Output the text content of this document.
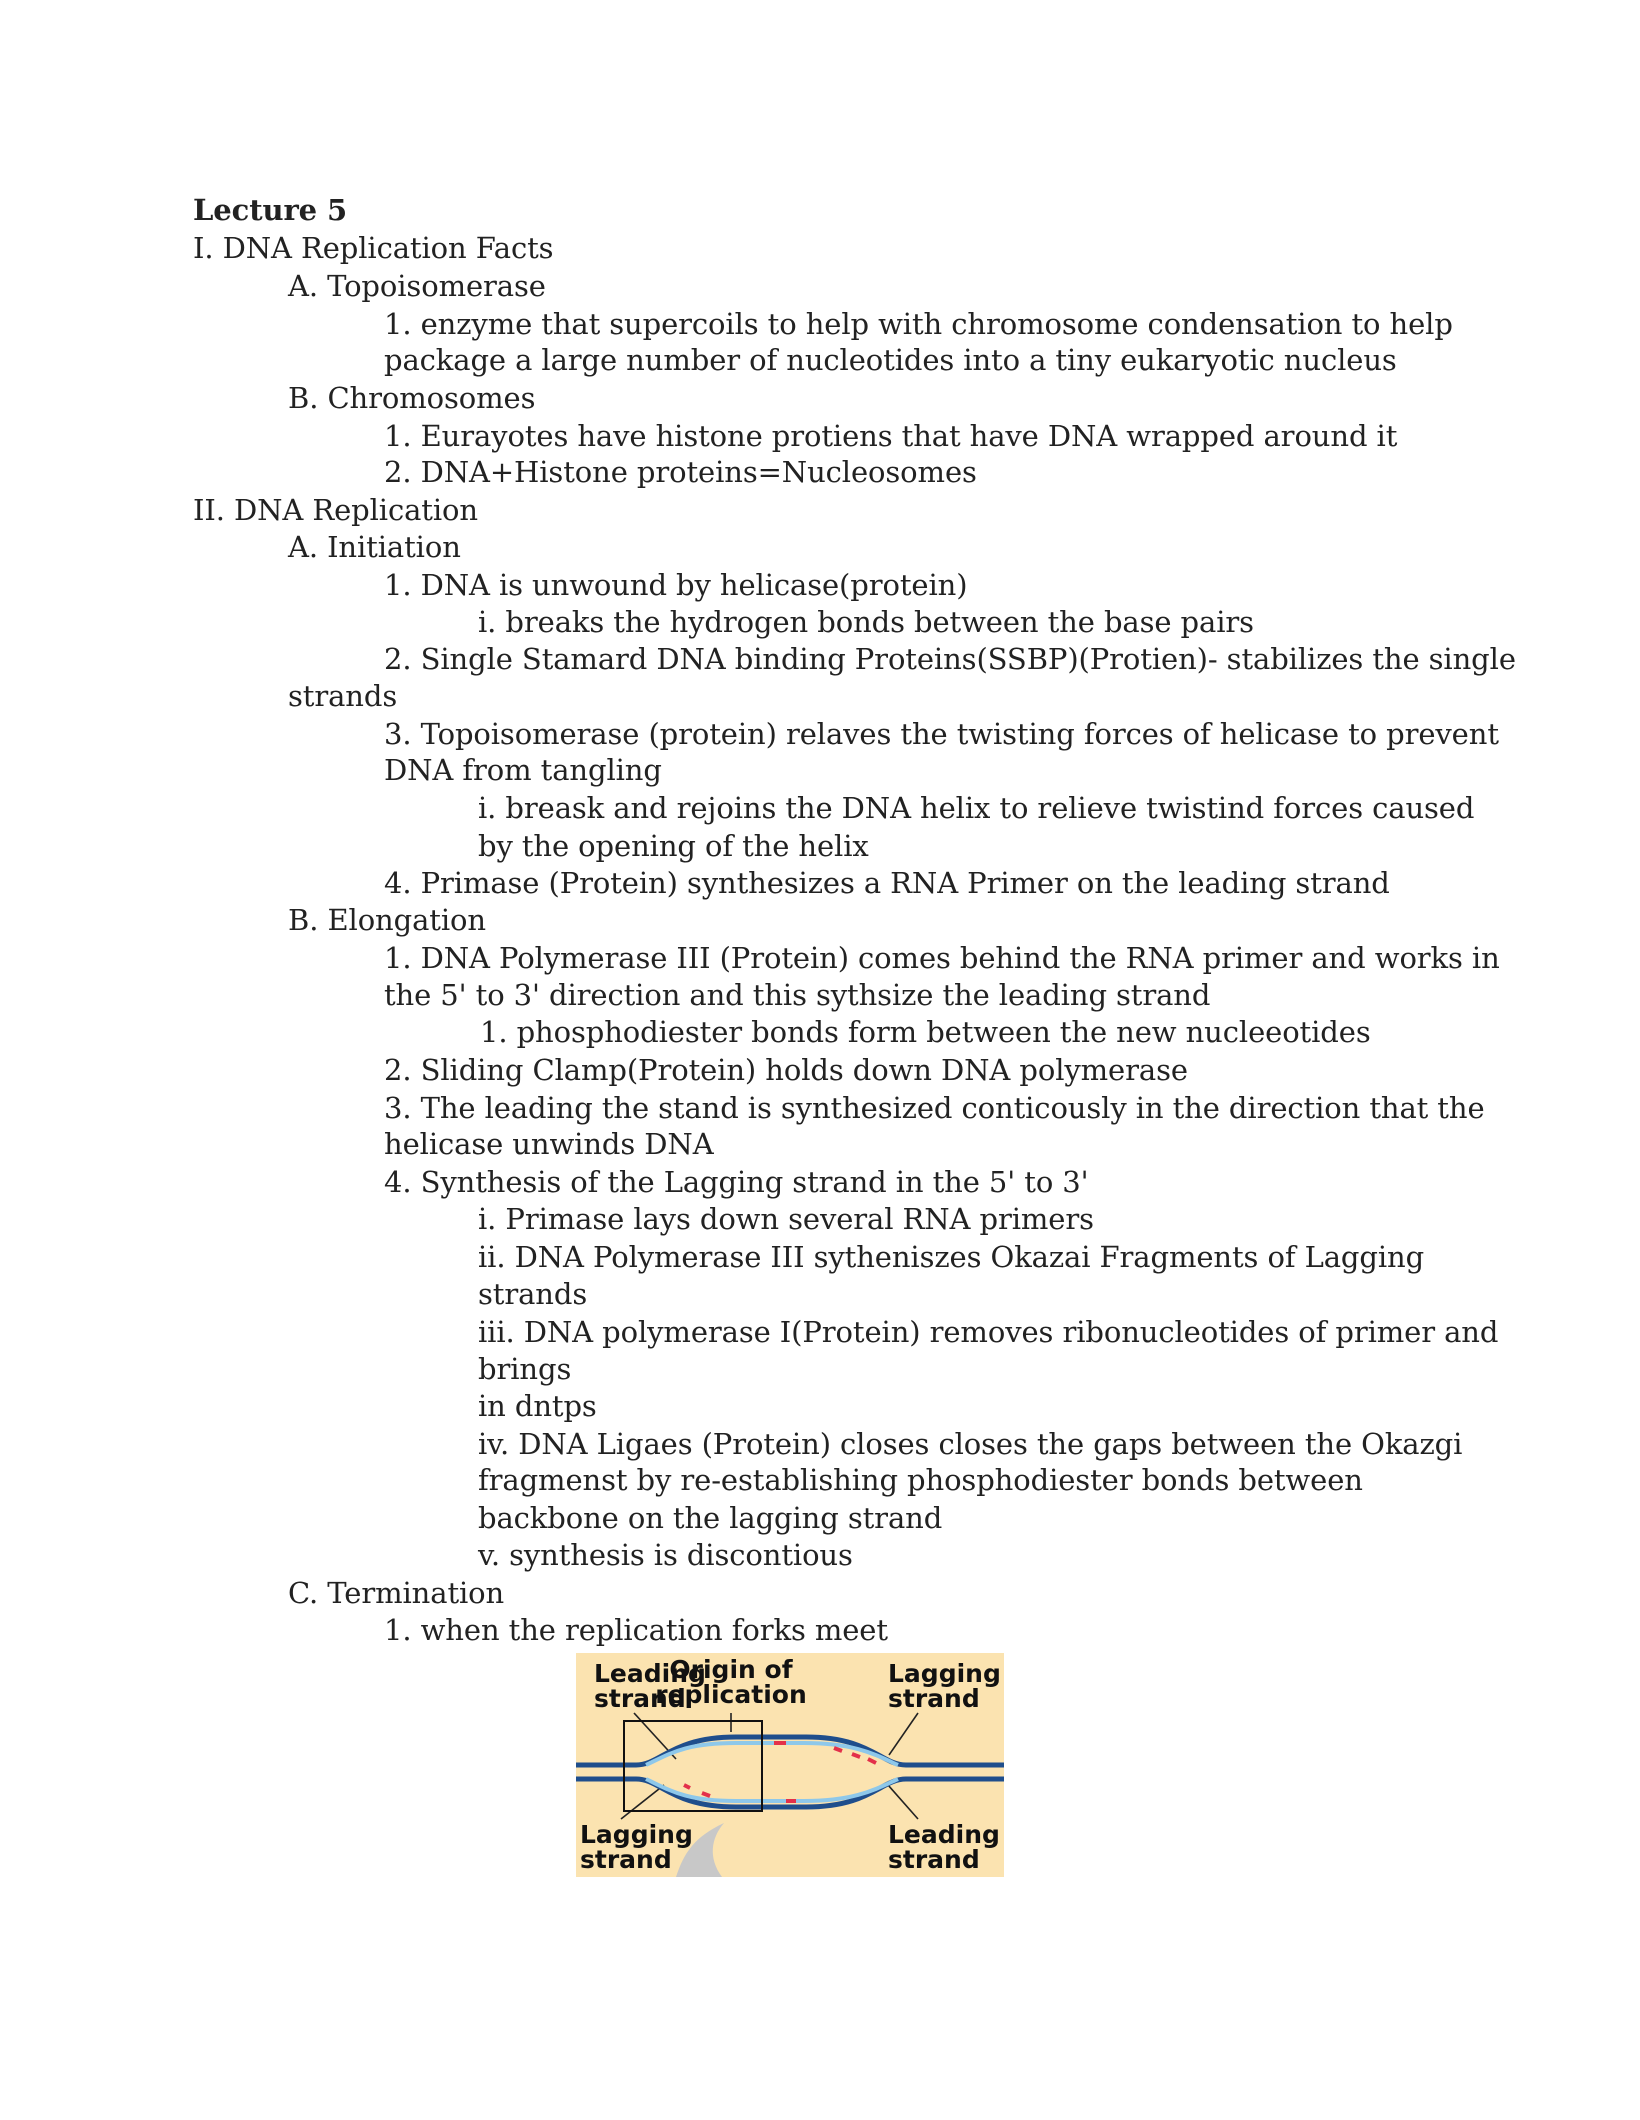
Lecture 5
I. DNA Replication Facts
A. Topoisomerase
1. enzyme that supercoils to help with chromosome condensation to help
package a large number of nucleotides into a tiny eukaryotic nucleus
B. Chromosomes
1. Eurayotes have histone protiens that have DNA wrapped around it
2. DNA+Histone proteins=Nucleosomes
II. DNA Replication
A. Initiation
1. DNA is unwound by helicase(protein)
i. breaks the hydrogen bonds between the base pairs
2. Single Stamard DNA binding Proteins(SSBP)(Protien)- stabilizes the single
strands
3. Topoisomerase (protein) relaves the twisting forces of helicase to prevent
DNA from tangling
i. breask and rejoins the DNA helix to relieve twistind forces caused
by the opening of the helix
4. Primase (Protein) synthesizes a RNA Primer on the leading strand
B. Elongation
1. DNA Polymerase III (Protein) comes behind the RNA primer and works in
the 5' to 3' direction and this sythsize the leading strand
1. phosphodiester bonds form between the new nucleeotides
2. Sliding Clamp(Protein) holds down DNA polymerase
3. The leading the stand is synthesized conticously in the direction that the
helicase unwinds DNA
4. Synthesis of the Lagging strand in the 5' to 3'
i. Primase lays down several RNA primers
ii. DNA Polymerase III sytheniszes Okazai Fragments of Lagging
strands
iii. DNA polymerase I(Protein) removes ribonucleotides of primer and
brings
in dntps
iv. DNA Ligaes (Protein) closes closes the gaps between the Okazgi
fragmenst by re-establishing phosphodiester bonds between
backbone on the lagging strand
v. synthesis is discontious
C. Termination
1. when the replication forks meet
Leading
strand
Origin of
replication
Lagging
strand
Lagging
strand
Leading
strand
